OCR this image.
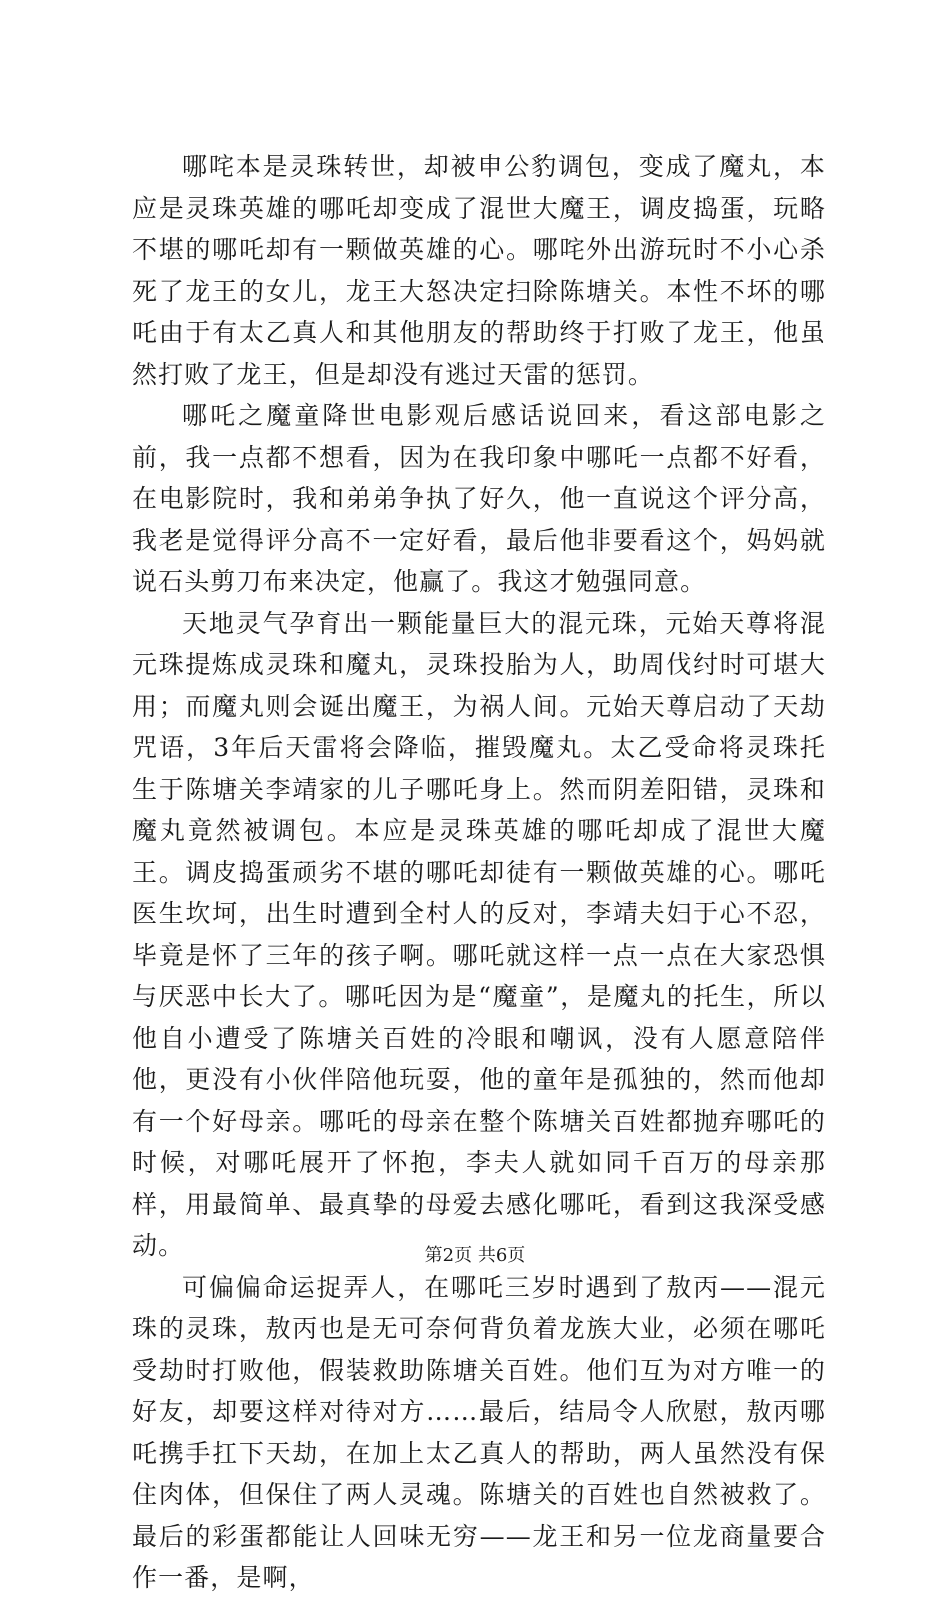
哪咤本是灵珠转世，却被申公豹调包，变成了魔丸，本应是灵珠英雄的哪吒却变成了混世大魔王，调皮捣蛋，玩略不堪的哪吒却有一颗做英雄的心。哪咤外出游玩时不小心杀死了龙王的女儿，龙王大怒决定扫除陈塘关。本性不坏的哪吒由于有太乙真人和其他朋友的帮助终于打败了龙王，他虽然打败了龙王，但是却没有逃过天雷的惩罚。

哪吒之魔童降世电影观后感话说回来，看这部电影之前，我一点都不想看，因为在我印象中哪吒一点都不好看，在电影院时，我和弟弟争执了好久，他一直说这个评分高，我老是觉得评分高不一定好看，最后他非要看这个，妈妈就说石头剪刀布来决定，他赢了。我这才勉强同意。

天地灵气孕育出一颗能量巨大的混元珠，元始天尊将混元珠提炼成灵珠和魔丸，灵珠投胎为人，助周伐纣时可堪大用；而魔丸则会诞出魔王，为祸人间。元始天尊启动了天劫咒语，3年后天雷将会降临，摧毁魔丸。太乙受命将灵珠托生于陈塘关李靖家的儿子哪吒身上。然而阴差阳错，灵珠和魔丸竟然被调包。本应是灵珠英雄的哪吒却成了混世大魔王。调皮捣蛋顽劣不堪的哪吒却徒有一颗做英雄的心。哪吒医生坎坷，出生时遭到全村人的反对，李靖夫妇于心不忍，毕竟是怀了三年的孩子啊。哪吒就这样一点一点在大家恐惧与厌恶中长大了。哪吒因为是“魔童”，是魔丸的托生，所以他自小遭受了陈塘关百姓的冷眼和嘲讽，没有人愿意陪伴他，更没有小伙伴陪他玩耍，他的童年是孤独的，然而他却有一个好母亲。哪吒的母亲在整个陈塘关百姓都抛弃哪吒的时候，对哪吒展开了怀抱，李夫人就如同千百万的母亲那样，用最简单、最真挚的母爱去感化哪吒，看到这我深受感动。

可偏偏命运捉弄人，在哪吒三岁时遇到了敖丙——混元珠的灵珠，敖丙也是无可奈何背负着龙族大业，必须在哪吒受劫时打败他，假装救助陈塘关百姓。他们互为对方唯一的好友，却要这样对待对方……最后，结局令人欣慰，敖丙哪吒携手扛下天劫，在加上太乙真人的帮助，两人虽然没有保住肉体，但保住了两人灵魂。陈塘关的百姓也自然被救了。最后的彩蛋都能让人回味无穷——龙王和另一位龙商量要合作一番，是啊，

第2页 共6页
